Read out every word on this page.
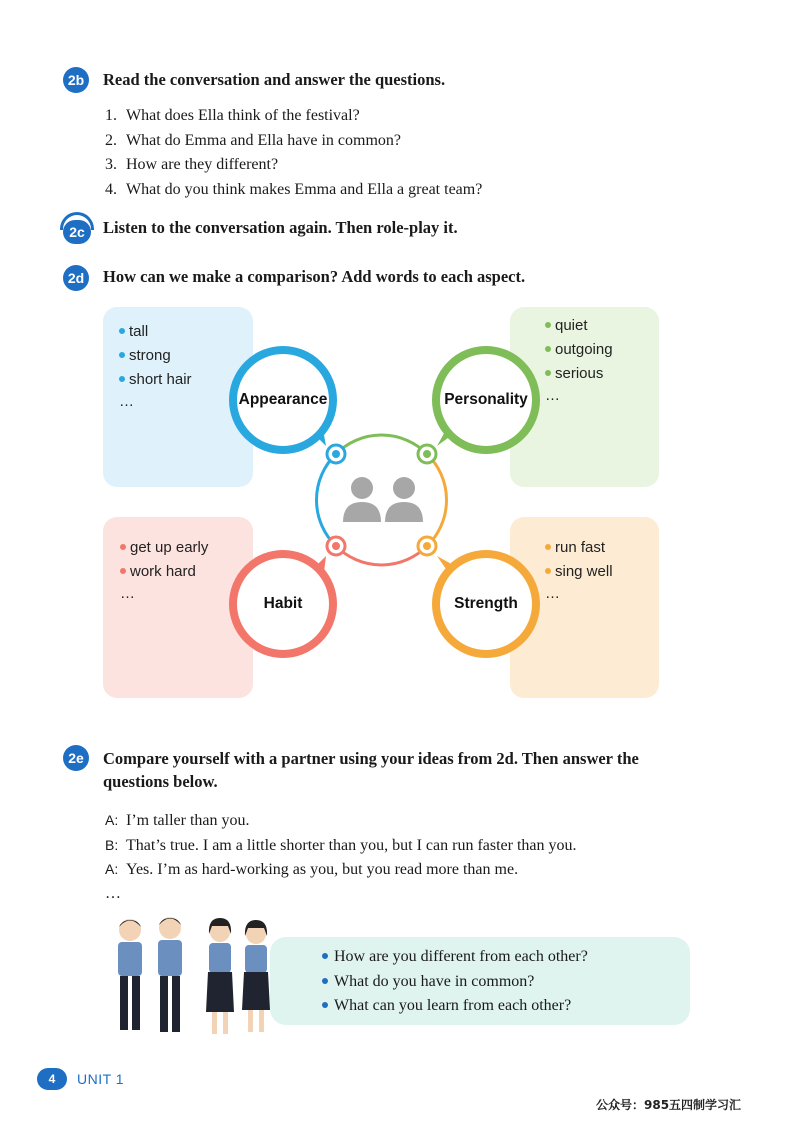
2b Read the conversation and answer the questions.
1. What does Ella think of the festival?
2. What do Emma and Ella have in common?
3. How are they different?
4. What do you think makes Emma and Ella a great team?
2c	Listen to the conversation again. Then role-play it.
2d How can we make a comparison? Add words to each aspect.
Appearance	Personality
Habit	Strength
tall
strong
short hair
…
quiet
outgoing
serious
…
get up early
work hard
…
run fast
sing well
…
2e	Compare yourself with a partner using your ideas from 2d. Then answer the
questions below.
A: I’m taller than you.
B: That’s true. I am a little shorter than you, but I can run faster than you.
A: Yes. I’m as hard-working as you, but you read more than me.
…
How are you different from each other?
What do you have in common?
What can you learn from each other?
4	UNIT 1
公众号：985五四制学习汇
